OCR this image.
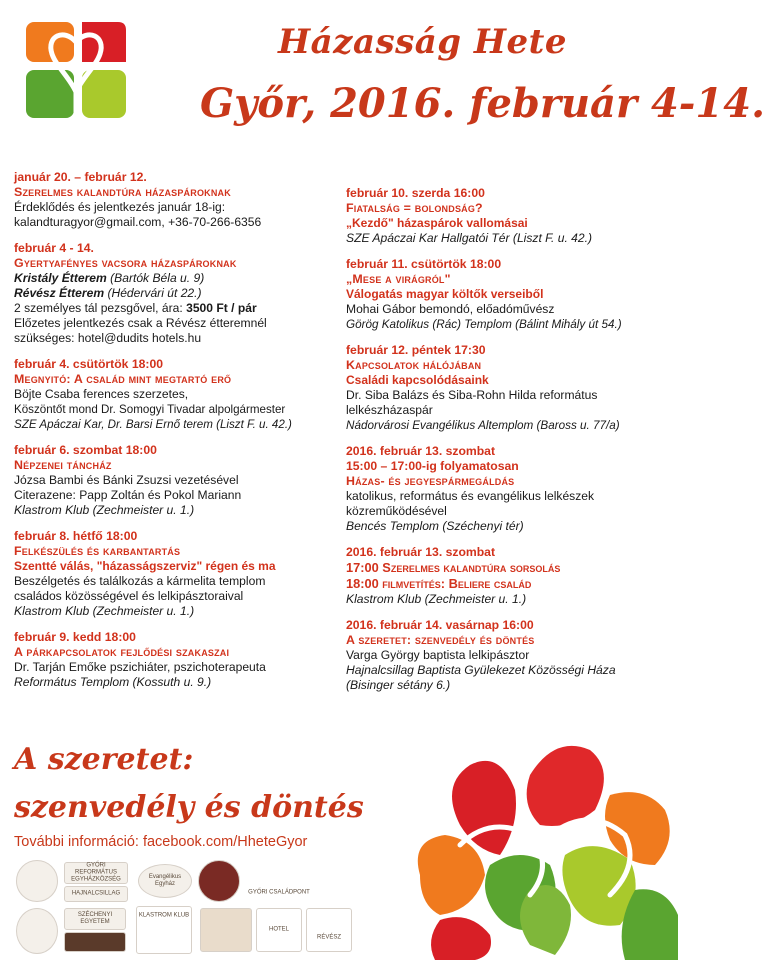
Házasság Hete
Győr, 2016. február 4-14.
január 20. – február 12.
Szerelmes kalandtúra házaspároknak
Érdeklődés és jelentkezés január 18-ig:
kalandturagyor@gmail.com, +36-70-266-6356
február 4 - 14.
Gyertyafényes vacsora házaspároknak
Kristály Étterem (Bartók Béla u. 9)
Révész Étterem (Hédervári út 22.)
2 személyes tál pezsgővel, ára: 3500 Ft / pár
Előzetes jelentkezés csak a Révész étteremnél
szükséges: hotel@dudits hotels.hu
február 4. csütörtök 18:00
Megnyitó: A család mint megtartó erő
Böjte Csaba ferences szerzetes,
Köszöntőt mond Dr. Somogyi Tivadar alpolgármester
SZE Apáczai Kar, Dr. Barsi Ernő terem (Liszt F. u. 42.)
február 6. szombat 18:00
Népzenei táncház
Józsa Bambi és Bánki Zsuzsi vezetésével
Citerazene: Papp Zoltán és Pokol Mariann
Klastrom Klub (Zechmeister u. 1.)
február 8. hétfő 18:00
Felkészülés és karbantartás
Szentté válás, "házasságszerviz" régen és ma
Beszélgetés és találkozás a kármelita templom
családos közösségével és lelkipásztoraival
Klastrom Klub (Zechmeister u. 1.)
február 9. kedd 18:00
A párkapcsolatok fejlődési szakaszai
Dr. Tarján Emőke pszichiáter, pszichoterapeuta
Református Templom (Kossuth u. 9.)
február 10. szerda 16:00
Fiatalság = bolondság?
„Kezdő" házaspárok vallomásai
SZE Apáczai Kar Hallgatói Tér (Liszt F. u. 42.)
február 11. csütörtök 18:00
„Mese a virágról"
Válogatás magyar költők verseiből
Mohai Gábor bemondó, előadóművész
Görög Katolikus (Rác) Templom (Bálint Mihály út 54.)
február 12. péntek 17:30
Kapcsolatok hálójában
Családi kapcsolódásaink
Dr. Siba Balázs és Siba-Rohn Hilda református
lelkészházaspár
Nádorvárosi Evangélikus Altemplom (Baross u. 77/a)
2016. február 13. szombat
15:00 – 17:00-ig folyamatosan
Házas- és jegyespármegáldás
katolikus, református és evangélikus lelkészek
közreműködésével
Bencés Templom (Széchenyi tér)
2016. február 13. szombat
17:00 Szerelmes kalandtúra sorsolás
18:00 filmvetítés: Beliere család
Klastrom Klub (Zechmeister u. 1.)
2016. február 14. vasárnap 16:00
A szeretet: szenvedély és döntés
Varga György baptista lelkipásztor
Hajnalcsillag Baptista Gyülekezet Közösségi Háza
(Bisinger sétány 6.)
A szeretet:
szenvedély és döntés
További információ: facebook.com/HheteGyor
GYŐRI REFORMÁTUS EGYHÁZKÖZSÉG
HAJNALCSILLAG
Evangélikus Egyház
GYŐRI CSALÁDPONT
SZÉCHENYI EGYETEM
KLASTROM KLUB
HOTEL
RÉVÉSZ
